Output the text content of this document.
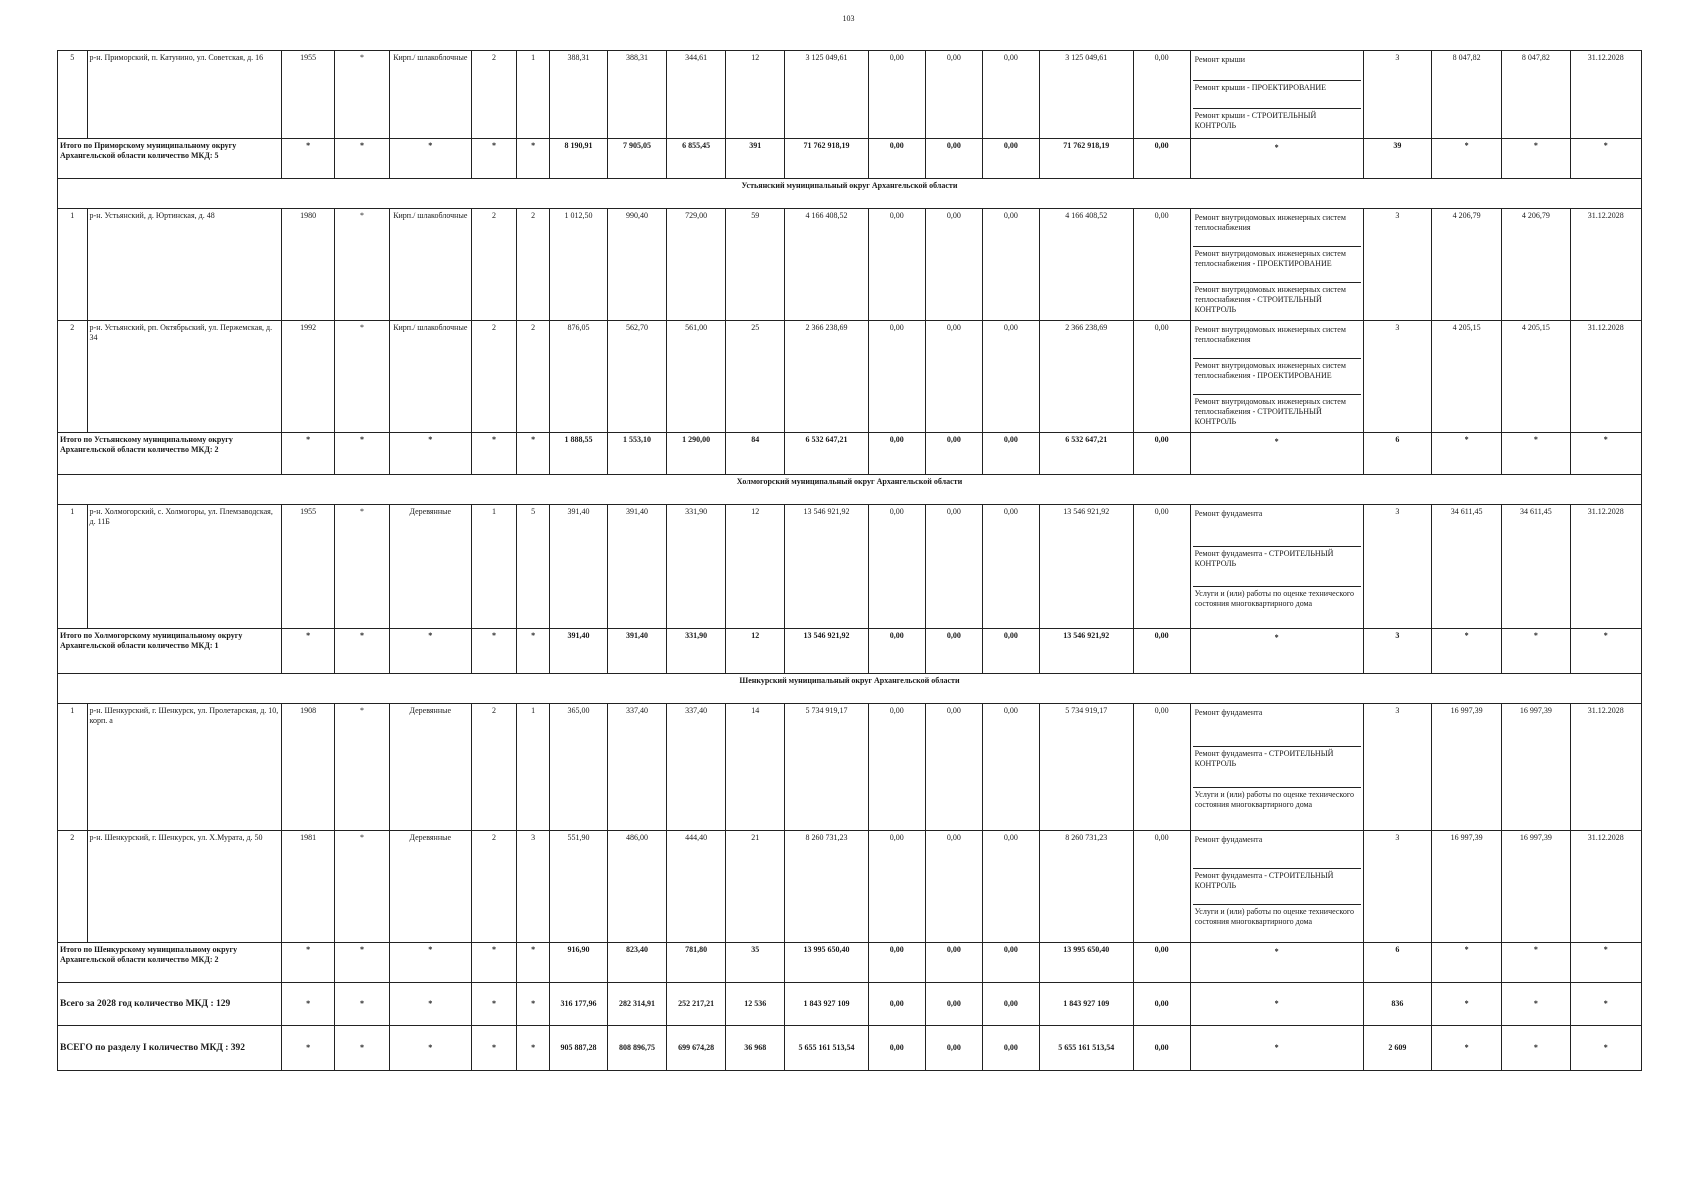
103
5	р-н. Приморский, п. Катунино, ул. Советская, д. 16	1955	*	Кирп./ шлакоблочные	2	1	388,31	388,31	344,61	12	3 125 049,61	0,00	0,00	0,00	3 125 049,61	0,00	Ремонт крыши
Ремонт крыши - ПРОЕКТИРОВАНИЕ
Ремонт крыши - СТРОИТЕЛЬНЫЙ КОНТРОЛЬ	3	8 047,82	8 047,82	31.12.2028
Итого по Приморскому муниципальному округу Архангельской области количество МКД: 5		*	*	*	*	*	8 190,91	7 905,05	6 855,45	391	71 762 918,19	0,00	0,00	0,00	71 762 918,19	0,00	*	39	*	*	*
Устьянский муниципальный округ Архангельской области																					
1	р-н. Устьянский, д. Юртинская, д. 48	1980	*	Кирп./ шлакоблочные	2	2	1 012,50	990,40	729,00	59	4 166 408,52	0,00	0,00	0,00	4 166 408,52	0,00	Ремонт внутридомовых инженерных систем теплоснабжения
Ремонт внутридомовых инженерных систем теплоснабжения - ПРОЕКТИРОВАНИЕ
Ремонт внутридомовых инженерных систем теплоснабжения - СТРОИТЕЛЬНЫЙ КОНТРОЛЬ	3	4 206,79	4 206,79	31.12.2028
2	р-н. Устьянский, рп. Октябрьский, ул. Пержемская, д. 34	1992	*	Кирп./ шлакоблочные	2	2	876,05	562,70	561,00	25	2 366 238,69	0,00	0,00	0,00	2 366 238,69	0,00	Ремонт внутридомовых инженерных систем теплоснабжения
Ремонт внутридомовых инженерных систем теплоснабжения - ПРОЕКТИРОВАНИЕ
Ремонт внутридомовых инженерных систем теплоснабжения - СТРОИТЕЛЬНЫЙ КОНТРОЛЬ	3	4 205,15	4 205,15	31.12.2028
Итого по Устьянскому муниципальному округу Архангельской области количество МКД: 2		*	*	*	*	*	1 888,55	1 553,10	1 290,00	84	6 532 647,21	0,00	0,00	0,00	6 532 647,21	0,00	*	6	*	*	*
Холмогорский муниципальный округ Архангельской области																					
1	р-н. Холмогорский, с. Холмогоры, ул. Племзаводская, д. 11Б	1955	*	Деревянные	1	5	391,40	391,40	331,90	12	13 546 921,92	0,00	0,00	0,00	13 546 921,92	0,00	Ремонт фундамента
Ремонт фундамента - СТРОИТЕЛЬНЫЙ КОНТРОЛЬ
Услуги и (или) работы по оценке технического состояния многоквартирного дома	3	34 611,45	34 611,45	31.12.2028
Итого по Холмогорскому муниципальному округу Архангельской области количество МКД: 1		*	*	*	*	*	391,40	391,40	331,90	12	13 546 921,92	0,00	0,00	0,00	13 546 921,92	0,00	*	3	*	*	*
Шенкурский муниципальный округ Архангельской области																					
1	р-н. Шенкурский, г. Шенкурск, ул. Пролетарская, д. 10, корп. а	1908	*	Деревянные	2	1	365,00	337,40	337,40	14	5 734 919,17	0,00	0,00	0,00	5 734 919,17	0,00	Ремонт фундамента
Ремонт фундамента - СТРОИТЕЛЬНЫЙ КОНТРОЛЬ
Услуги и (или) работы по оценке технического состояния многоквартирного дома	3	16 997,39	16 997,39	31.12.2028
2	р-н. Шенкурский, г. Шенкурск, ул. Х.Мурата, д. 50	1981	*	Деревянные	2	3	551,90	486,00	444,40	21	8 260 731,23	0,00	0,00	0,00	8 260 731,23	0,00	Ремонт фундамента
Ремонт фундамента - СТРОИТЕЛЬНЫЙ КОНТРОЛЬ
Услуги и (или) работы по оценке технического состояния многоквартирного дома	3	16 997,39	16 997,39	31.12.2028
Итого по Шенкурскому муниципальному округу Архангельской области количество МКД: 2		*	*	*	*	*	916,90	823,40	781,80	35	13 995 650,40	0,00	0,00	0,00	13 995 650,40	0,00	*	6	*	*	*
Всего за 2028 год количество МКД : 129		*	*	*	*	*	316 177,96	282 314,91	252 217,21	12 536	1 843 927 109	0,00	0,00	0,00	1 843 927 109	0,00	*	836	*	*	*
ВСЕГО по разделу I количество МКД : 392		*	*	*	*	*	905 887,28	808 896,75	699 674,28	36 968	5 655 161 513,54	0,00	0,00	0,00	5 655 161 513,54	0,00	*	2 609	*	*	*
